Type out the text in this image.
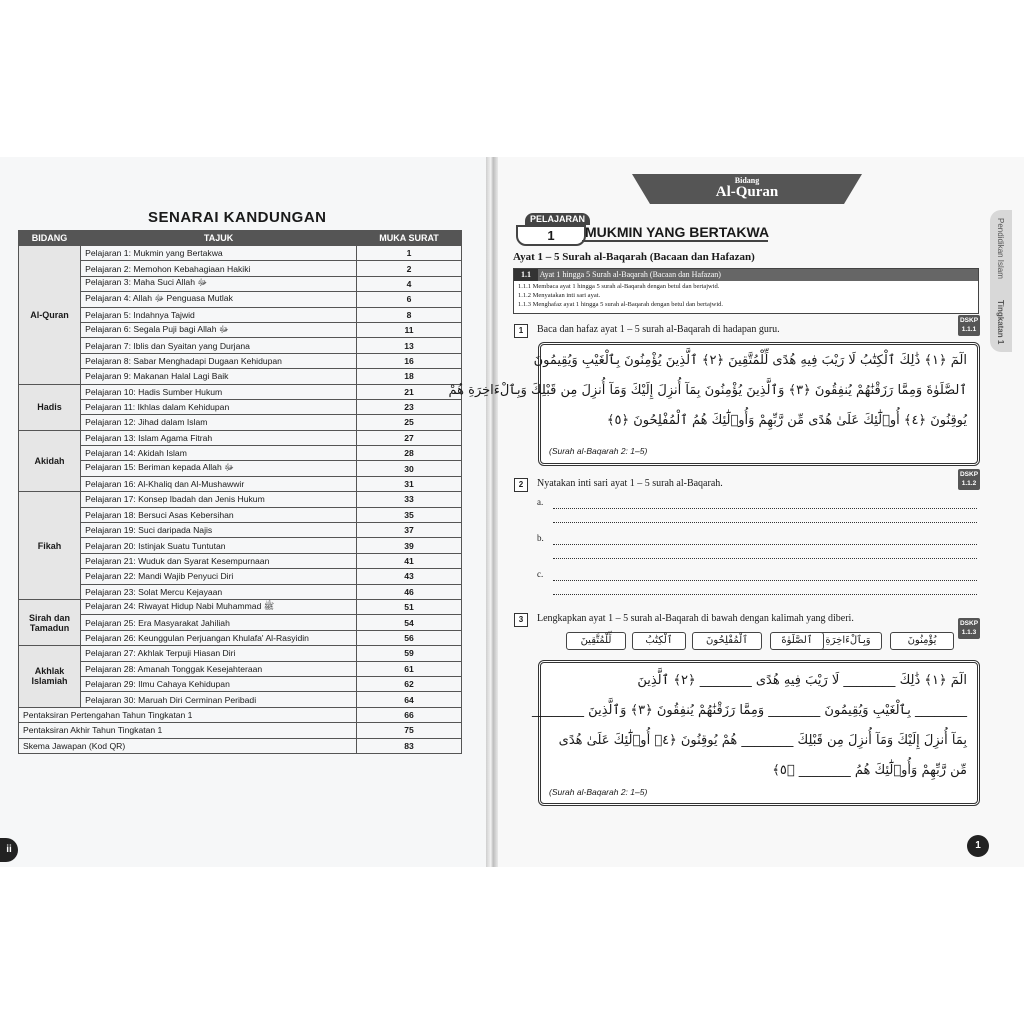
SENARAI KANDUNGAN
BIDANG	TAJUK	MUKA SURAT
Al-Quran	Pelajaran 1: Mukmin yang Bertakwa	1
	Pelajaran 2: Memohon Kebahagiaan Hakiki	2
	Pelajaran 3: Maha Suci Allah ﷻ	4
	Pelajaran 4: Allah ﷻ Penguasa Mutlak	6
	Pelajaran 5: Indahnya Tajwid	8
	Pelajaran 6: Segala Puji bagi Allah ﷻ	11
	Pelajaran 7: Iblis dan Syaitan yang Durjana	13
	Pelajaran 8: Sabar Menghadapi Dugaan Kehidupan	16
	Pelajaran 9: Makanan Halal Lagi Baik	18
Hadis	Pelajaran 10: Hadis Sumber Hukum	21
	Pelajaran 11: Ikhlas dalam Kehidupan	23
	Pelajaran 12: Jihad dalam Islam	25
Akidah	Pelajaran 13: Islam Agama Fitrah	27
	Pelajaran 14: Akidah Islam	28
	Pelajaran 15: Beriman kepada Allah ﷻ	30
	Pelajaran 16: Al-Khaliq dan Al-Mushawwir	31
Fikah	Pelajaran 17: Konsep Ibadah dan Jenis Hukum	33
	Pelajaran 18: Bersuci Asas Kebersihan	35
	Pelajaran 19: Suci daripada Najis	37
	Pelajaran 20: Istinjak Suatu Tuntutan	39
	Pelajaran 21: Wuduk dan Syarat Kesempurnaan	41
	Pelajaran 22: Mandi Wajib Penyuci Diri	43
	Pelajaran 23: Solat Mercu Kejayaan	46
Sirah dan Tamadun	Pelajaran 24: Riwayat Hidup Nabi Muhammad ﷺ	51
	Pelajaran 25: Era Masyarakat Jahiliah	54
	Pelajaran 26: Keunggulan Perjuangan Khulafa' Al-Rasyidin	56
Akhlak Islamiah	Pelajaran 27: Akhlak Terpuji Hiasan Diri	59
	Pelajaran 28: Amanah Tonggak Kesejahteraan	61
	Pelajaran 29: Ilmu Cahaya Kehidupan	62
	Pelajaran 30: Maruah Diri Cerminan Peribadi	64
Pentaksiran Pertengahan Tahun Tingkatan 1		66
Pentaksiran Akhir Tahun Tingkatan 1		75
Skema Jawapan (Kod QR)		83
ii
Bidang
Al-Quran
PELAJARAN
1	MUKMIN YANG BERTAKWA	Pendidikan Islam
Tingkatan 1
Ayat 1 – 5 Surah al-Baqarah (Bacaan dan Hafazan)
1.1 Ayat 1 hingga 5 Surah al-Baqarah (Bacaan dan Hafazan)
1.1.1 Membaca ayat 1 hingga 5 surah al-Baqarah dengan betul dan bertajwid.
1.1.2 Menyatakan inti sari ayat.
1.1.3 Menghafaz ayat 1 hingga 5 surah al-Baqarah dengan betul dan bertajwid.
1	Baca dan hafaz ayat 1 – 5 surah al-Baqarah di hadapan guru.
DSKP
1.1.1
الٓمٓ ﴿١﴾ ذَٰلِكَ ٱلْكِتَٰبُ لَا رَيْبَ فِيهِ هُدًى لِّلْمُتَّقِينَ ﴿٢﴾ ٱلَّذِينَ يُؤْمِنُونَ بِٱلْغَيْبِ وَيُقِيمُونَ
ٱلصَّلَوٰةَ وَمِمَّا رَزَقْنَٰهُمْ يُنفِقُونَ ﴿٣﴾ وَٱلَّذِينَ يُؤْمِنُونَ بِمَآ أُنزِلَ إِلَيْكَ وَمَآ أُنزِلَ مِن قَبْلِكَ وَبِٱلْءَاخِرَةِ هُمْ
يُوقِنُونَ ﴿٤﴾ أُو۟لَٰٓئِكَ عَلَىٰ هُدًى مِّن رَّبِّهِمْ وَأُو۟لَٰٓئِكَ هُمُ ٱلْمُفْلِحُونَ ﴿٥﴾
(Surah al-Baqarah 2: 1–5)
2	Nyatakan inti sari ayat 1 – 5 surah al-Baqarah.
DSKP
1.1.2
a.
b.
c.
3	Lengkapkan ayat 1 – 5 surah al-Baqarah di bawah dengan kalimah yang diberi.	DSKP
1.1.3
يُؤْمِنُونَ
وَبِٱلْءَاخِرَةِ
ٱلصَّلَوٰةَ
ٱلْمُفْلِحُونَ
ٱلْكِتَٰبُ
لِّلْمُتَّقِينَ
الٓمٓ ﴿١﴾ ذَٰلِكَ ________ لَا رَيْبَ فِيهِ هُدًى ________ ﴿٢﴾ ٱلَّذِينَ
________ بِٱلْغَيْبِ وَيُقِيمُونَ ________ وَمِمَّا رَزَقْنَٰهُمْ يُنفِقُونَ ﴿٣﴾ وَٱلَّذِينَ ________
بِمَآ أُنزِلَ إِلَيْكَ وَمَآ أُنزِلَ مِن قَبْلِكَ ________ هُمْ يُوقِنُونَ ﴿٤﴾ أُو۟لَٰٓئِكَ عَلَىٰ هُدًى
مِّن رَّبِّهِمْ وَأُو۟لَٰٓئِكَ هُمُ ________ ﴿٥﴾
(Surah al-Baqarah 2: 1–5)
1
